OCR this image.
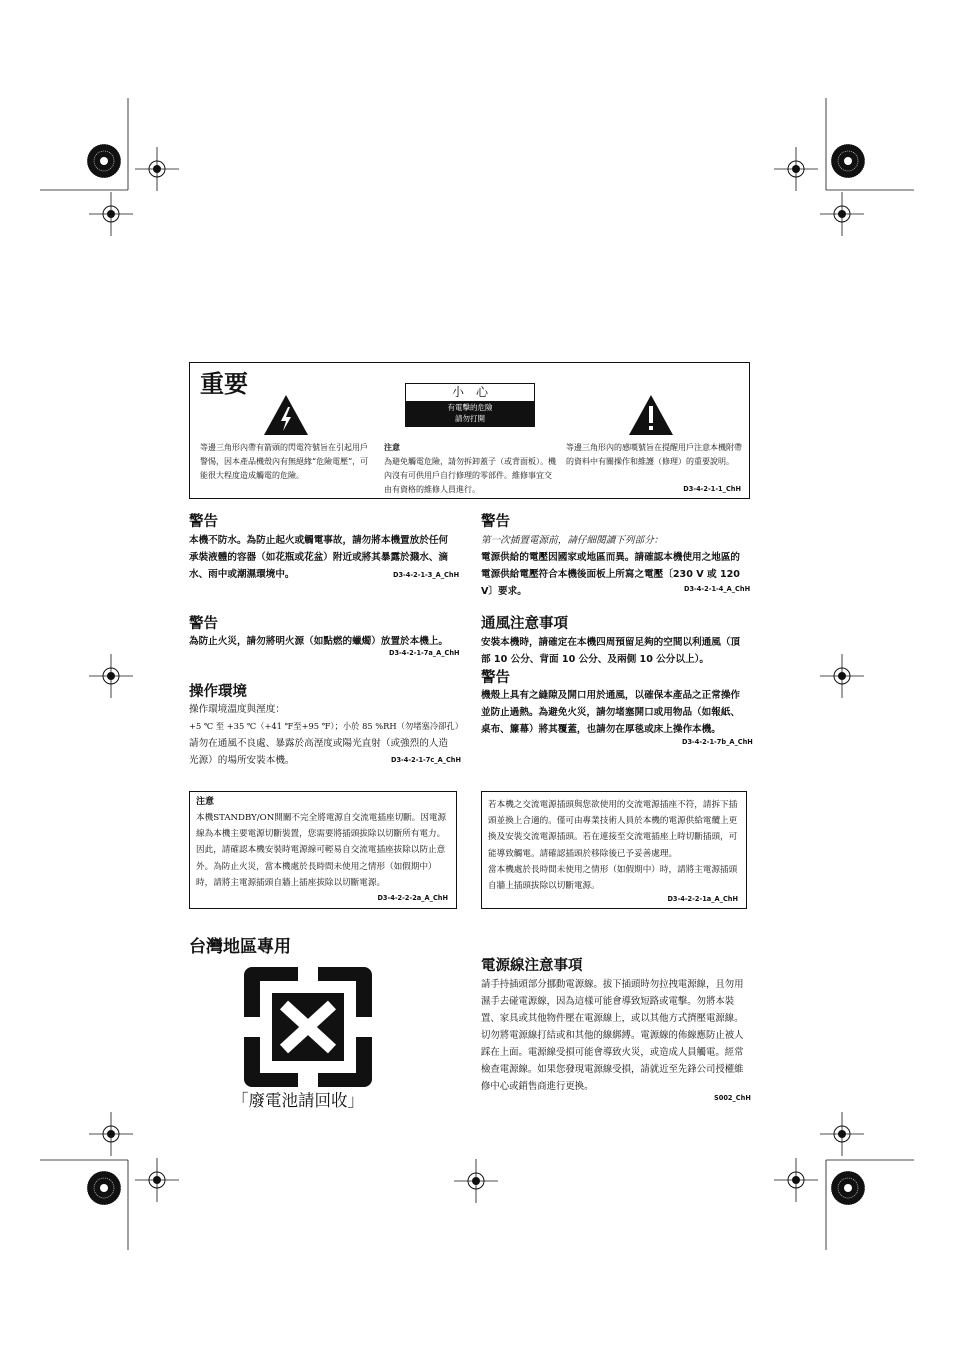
重要	小　心
有電擊的危險
請勿打開
等邊三角形內帶有箭頭的閃電符號旨在引起用戶警惕，因本產品機殼內有無絕緣“危險電壓”，可能很大程度造成觸電的危險。
注意
為避免觸電危險，請勿拆卸蓋子（或背面板）。機內沒有可供用戶自行修理的零部件。維修事宜交由有資格的維修人員進行。
等邊三角形內的感嘆號旨在提醒用戶注意本機附帶的資料中有關操作和維護（修理）的重要說明。
D3-4-2-1-1_ChH
警告
本機不防水。為防止起火或觸電事故，請勿將本機置放於任何承裝液體的容器（如花瓶或花盆）附近或將其暴露於濺水、滴水、雨中或潮濕環境中。	D3-4-2-1-3_A_ChH
警告
為防止火災，請勿將明火源（如點燃的蠟燭）放置於本機上。
D3-4-2-1-7a_A_ChH
操作環境
操作環境溫度與溼度：
+5 ℃ 至 +35 ℃（+41 ℉至+95 ℉）；小於 85 %RH（勿堵塞冷卻孔）
請勿在通風不良處、暴露於高溼度或陽光直射（或強烈的人造光源）的場所安裝本機。	D3-4-2-1-7c_A_ChH
警告
第一次插置電源前，請仔細閱讀下列部分：
電源供給的電壓因國家或地區而異。請確認本機使用之地區的電源供給電壓符合本機後面板上所寫之電壓〔230 V 或 120 V〕要求。	D3-4-2-1-4_A_ChH
通風注意事項
安裝本機時，請確定在本機四周預留足夠的空間以利通風（頂部 10 公分、背面 10 公分、及兩側 10 公分以上）。
警告
機殼上具有之縫隙及開口用於通風，以確保本產品之正常操作並防止過熱。為避免火災，請勿堵塞開口或用物品（如報紙、桌布、簾幕）將其覆蓋，也請勿在厚毯或床上操作本機。
D3-4-2-1-7b_A_ChH
注意
本機STANDBY/ON開關不完全將電源自交流電插座切斷。因電源線為本機主要電源切斷裝置，您需要將插頭拔除以切斷所有電力。因此，請確認本機安裝時電源線可輕易自交流電插座拔除以防止意外。為防止火災，當本機處於長時間未使用之情形（如假期中）時，請將主電源插頭自牆上插座拔除以切斷電源。
D3-4-2-2-2a_A_ChH
若本機之交流電源插頭與您欲使用的交流電源插座不符，請拆下插頭並換上合適的。僅可由專業技術人員於本機的電源供給電纜上更換及安裝交流電源插頭。若在連接至交流電插座上時切斷插頭，可能導致觸電。請確認插頭於移除後已予妥善處理。
當本機處於長時間未使用之情形（如假期中）時，請將主電源插頭自牆上插頭拔除以切斷電源。
D3-4-2-2-1a_A_ChH
台灣地區專用
「廢電池請回收」
電源線注意事項
請手持插頭部分挪動電源線。拔下插頭時勿拉拽電源線，且勿用濕手去碰電源線，因為這樣可能會導致短路或電擊。勿將本裝置、家具或其他物件壓在電源線上，或以其他方式擠壓電源線。切勿將電源線打結或和其他的線綁縛。電源線的佈線應防止被人踩在上面。電源線受損可能會導致火災，或造成人員觸電。經常檢查電源線。如果您發現電源線受損，請就近至先鋒公司授權維修中心或銷售商進行更換。
S002_ChH
